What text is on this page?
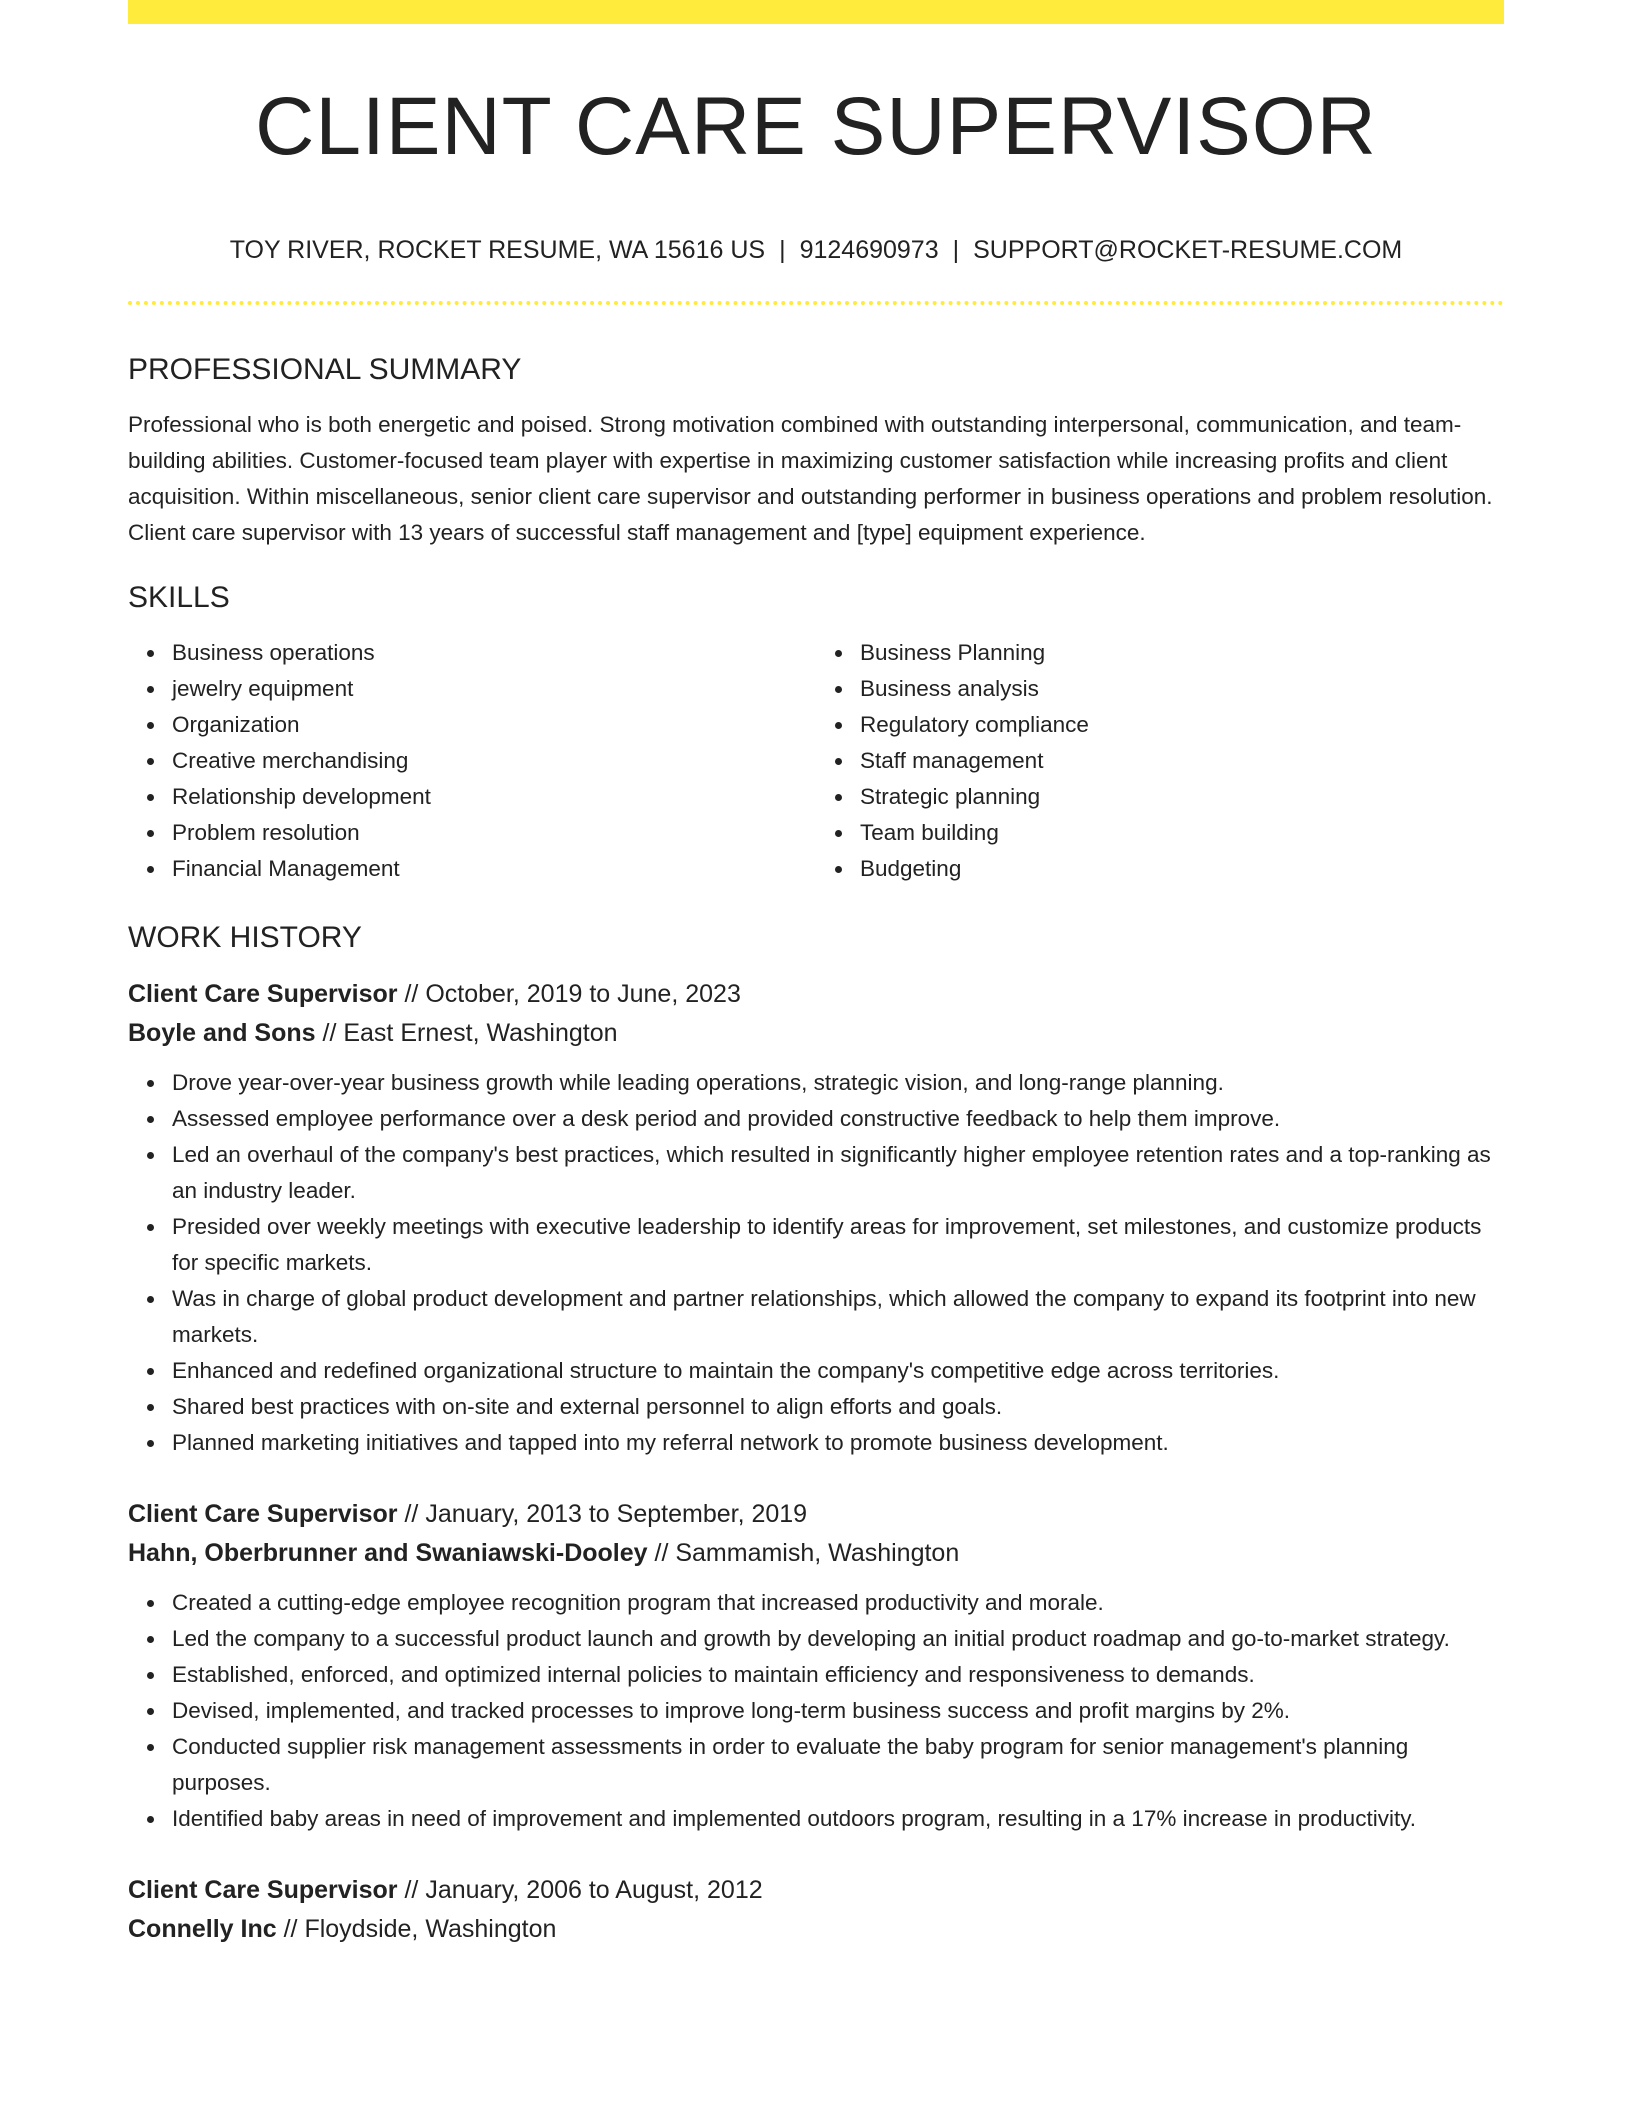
CLIENT CARE SUPERVISOR
TOY RIVER, ROCKET RESUME, WA 15616 US | 9124690973 | SUPPORT@ROCKET-RESUME.COM
PROFESSIONAL SUMMARY
Professional who is both energetic and poised. Strong motivation combined with outstanding interpersonal, communication, and team-building abilities. Customer-focused team player with expertise in maximizing customer satisfaction while increasing profits and client acquisition. Within miscellaneous, senior client care supervisor and outstanding performer in business operations and problem resolution. Client care supervisor with 13 years of successful staff management and [type] equipment experience.
SKILLS
Business operations
jewelry equipment
Organization
Creative merchandising
Relationship development
Problem resolution
Financial Management
Business Planning
Business analysis
Regulatory compliance
Staff management
Strategic planning
Team building
Budgeting
WORK HISTORY
Client Care Supervisor // October, 2019 to June, 2023
Boyle and Sons // East Ernest, Washington
Drove year-over-year business growth while leading operations, strategic vision, and long-range planning.
Assessed employee performance over a desk period and provided constructive feedback to help them improve.
Led an overhaul of the company's best practices, which resulted in significantly higher employee retention rates and a top-ranking as an industry leader.
Presided over weekly meetings with executive leadership to identify areas for improvement, set milestones, and customize products for specific markets.
Was in charge of global product development and partner relationships, which allowed the company to expand its footprint into new markets.
Enhanced and redefined organizational structure to maintain the company's competitive edge across territories.
Shared best practices with on-site and external personnel to align efforts and goals.
Planned marketing initiatives and tapped into my referral network to promote business development.
Client Care Supervisor // January, 2013 to September, 2019
Hahn, Oberbrunner and Swaniawski-Dooley // Sammamish, Washington
Created a cutting-edge employee recognition program that increased productivity and morale.
Led the company to a successful product launch and growth by developing an initial product roadmap and go-to-market strategy.
Established, enforced, and optimized internal policies to maintain efficiency and responsiveness to demands.
Devised, implemented, and tracked processes to improve long-term business success and profit margins by 2%.
Conducted supplier risk management assessments in order to evaluate the baby program for senior management's planning purposes.
Identified baby areas in need of improvement and implemented outdoors program, resulting in a 17% increase in productivity.
Client Care Supervisor // January, 2006 to August, 2012
Connelly Inc // Floydside, Washington
